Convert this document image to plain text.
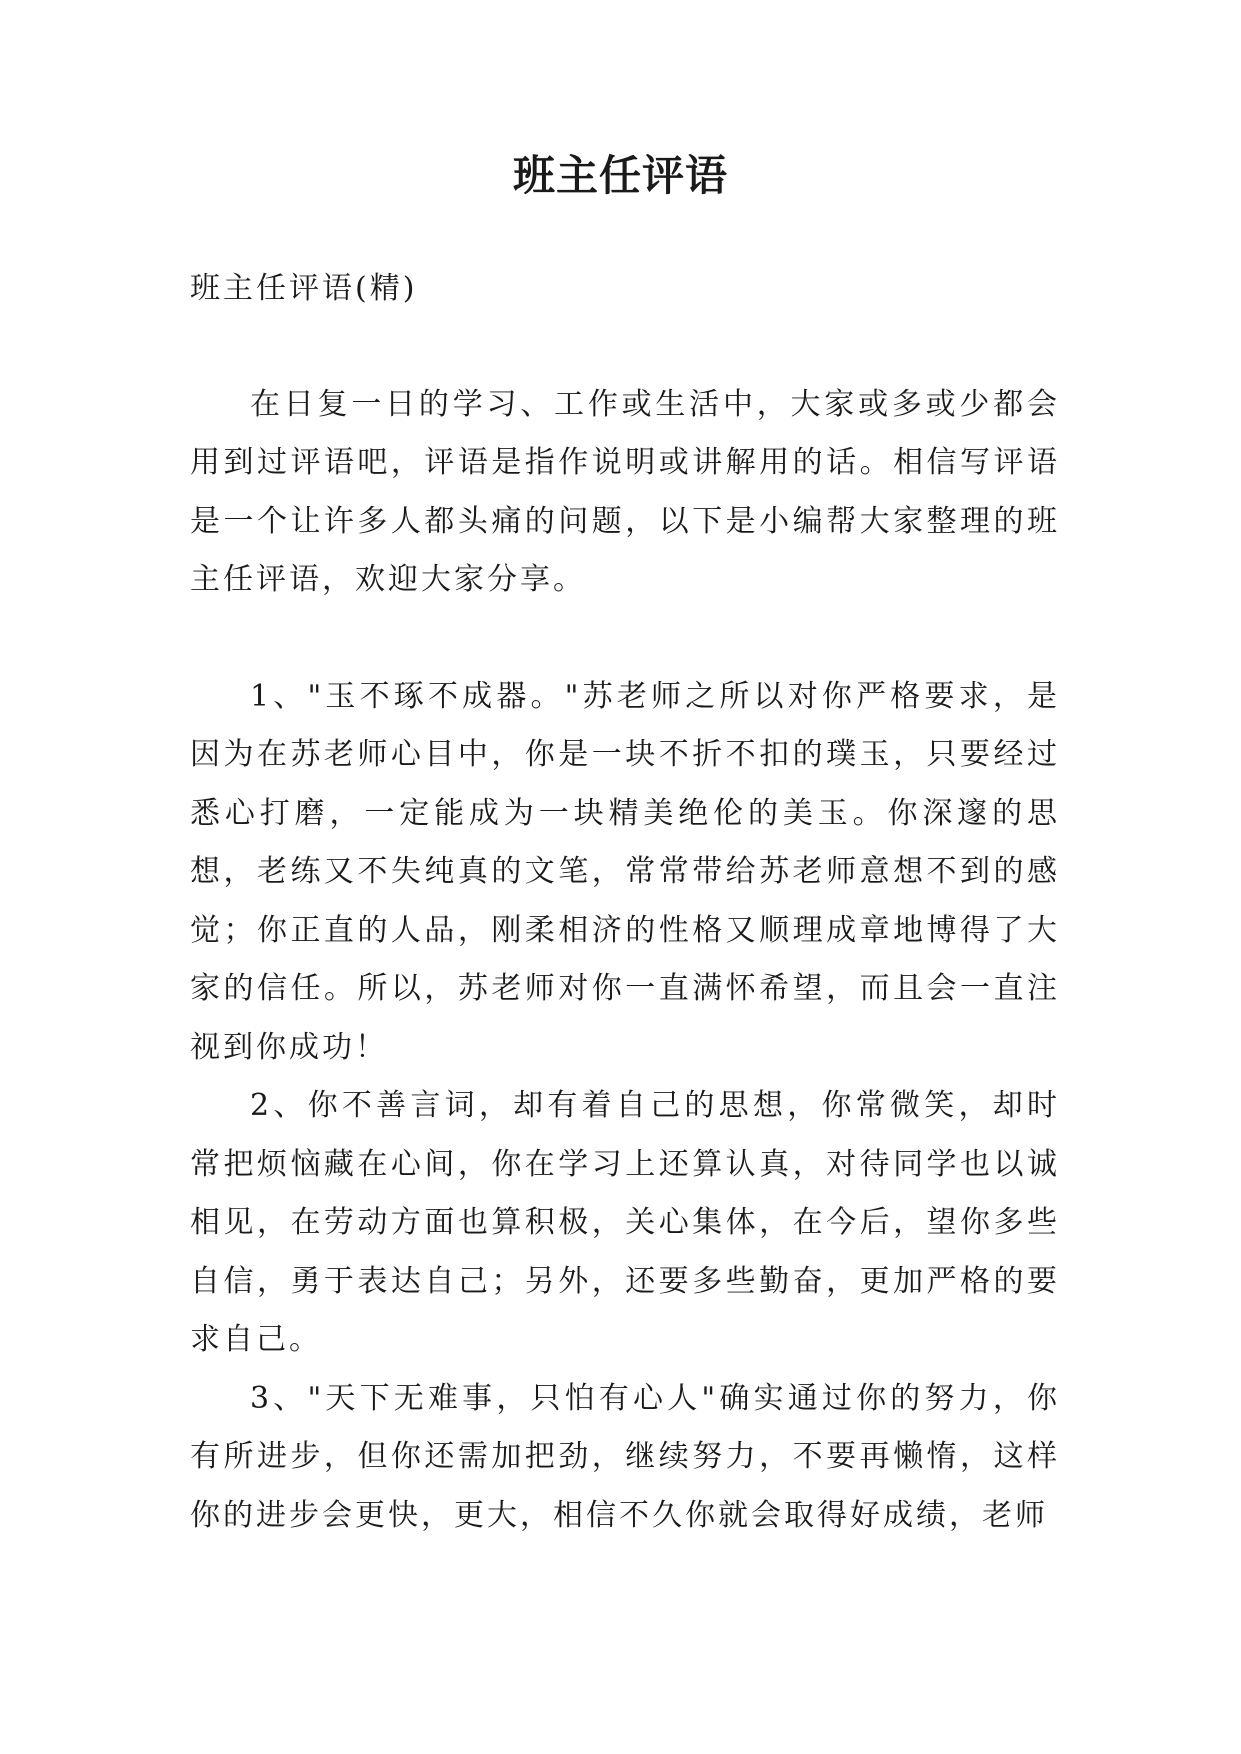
班主任评语

班主任评语(精)

在日复一日的学习、工作或生活中，大家或多或少都会用到过评语吧，评语是指作说明或讲解用的话。相信写评语是一个让许多人都头痛的问题，以下是小编帮大家整理的班主任评语，欢迎大家分享。

1、"玉不琢不成器。"苏老师之所以对你严格要求，是因为在苏老师心目中，你是一块不折不扣的璞玉，只要经过悉心打磨，一定能成为一块精美绝伦的美玉。你深邃的思想，老练又不失纯真的文笔，常常带给苏老师意想不到的感觉；你正直的人品，刚柔相济的性格又顺理成章地博得了大家的信任。所以，苏老师对你一直满怀希望，而且会一直注视到你成功！

2、你不善言词，却有着自己的思想，你常微笑，却时常把烦恼藏在心间，你在学习上还算认真，对待同学也以诚相见，在劳动方面也算积极，关心集体，在今后，望你多些自信，勇于表达自己；另外，还要多些勤奋，更加严格的要求自己。

3、"天下无难事，只怕有心人"确实通过你的努力，你有所进步，但你还需加把劲，继续努力，不要再懒惰，这样你的进步会更快，更大，相信不久你就会取得好成绩，老师
